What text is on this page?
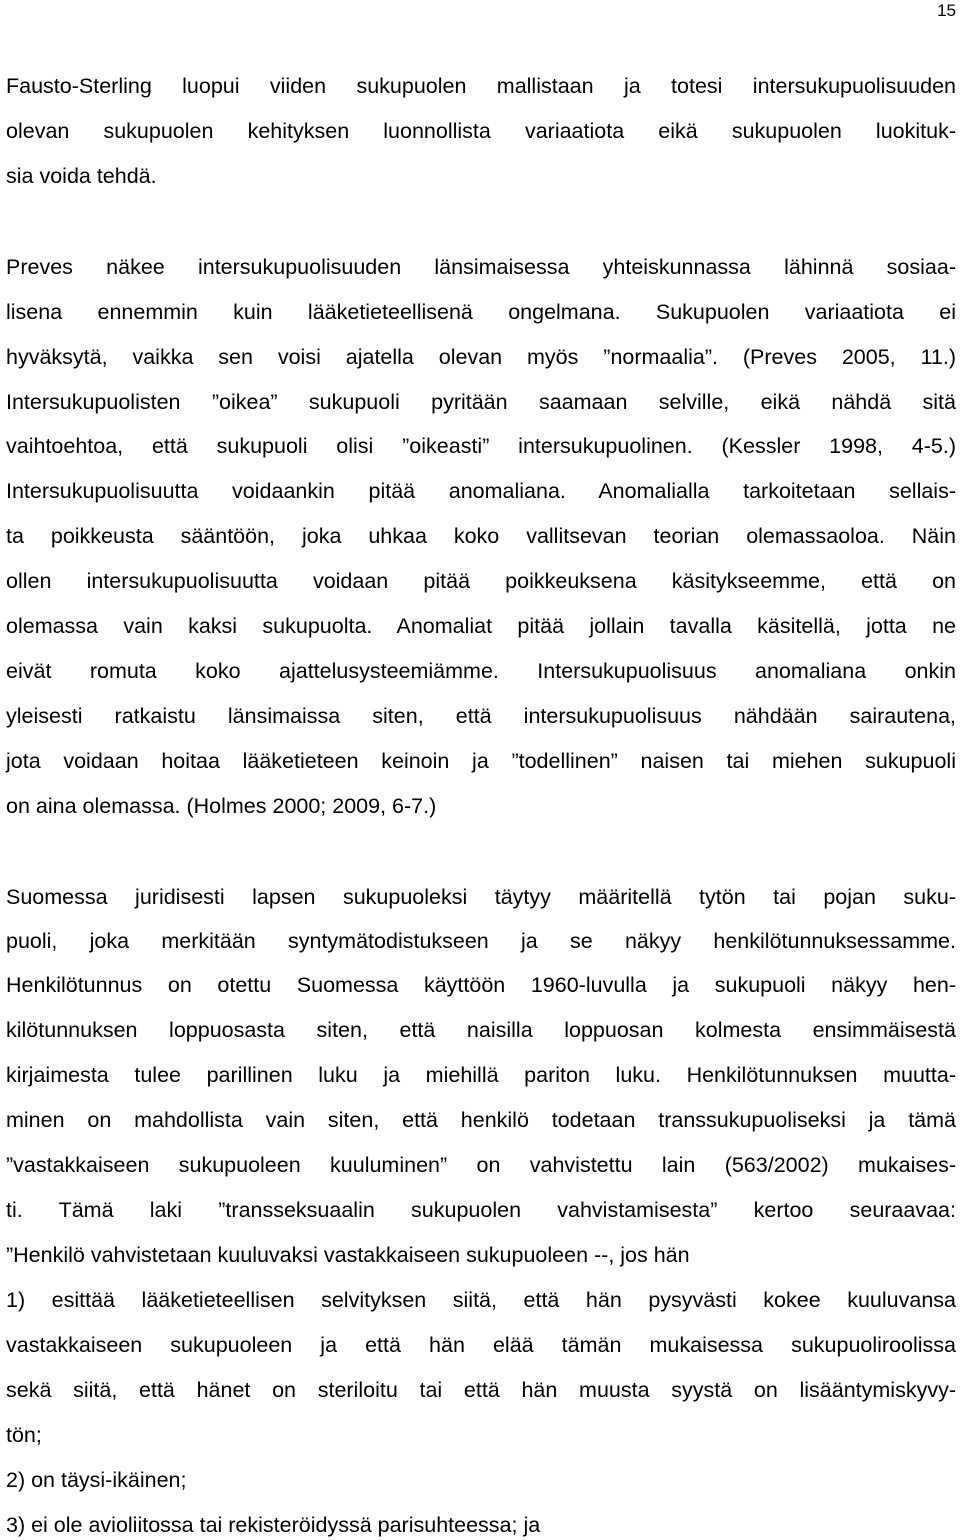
15
Fausto-Sterling luopui viiden sukupuolen mallistaan ja totesi intersukupuolisuuden
olevan sukupuolen kehityksen luonnollista variaatiota eikä sukupuolen luokituk-
sia voida tehdä.
Preves näkee intersukupuolisuuden länsimaisessa yhteiskunnassa lähinnä sosiaa-
lisena ennemmin kuin lääketieteellisenä ongelmana. Sukupuolen variaatiota ei
hyväksytä, vaikka sen voisi ajatella olevan myös ”normaalia”. (Preves 2005, 11.)
Intersukupuolisten ”oikea” sukupuoli pyritään saamaan selville, eikä nähdä sitä
vaihtoehtoa, että sukupuoli olisi ”oikeasti” intersukupuolinen. (Kessler 1998, 4-5.)
Intersukupuolisuutta voidaankin pitää anomaliana. Anomalialla tarkoitetaan sellais-
ta poikkeusta sääntöön, joka uhkaa koko vallitsevan teorian olemassaoloa. Näin
ollen intersukupuolisuutta voidaan pitää poikkeuksena käsitykseemme, että on
olemassa vain kaksi sukupuolta. Anomaliat pitää jollain tavalla käsitellä, jotta ne
eivät romuta koko ajattelusysteemiämme. Intersukupuolisuus anomaliana onkin
yleisesti ratkaistu länsimaissa siten, että intersukupuolisuus nähdään sairautena,
jota voidaan hoitaa lääketieteen keinoin ja ”todellinen” naisen tai miehen sukupuoli
on aina olemassa. (Holmes 2000; 2009, 6-7.)
Suomessa juridisesti lapsen sukupuoleksi täytyy määritellä tytön tai pojan suku-
puoli, joka merkitään syntymätodistukseen ja se näkyy henkilötunnuksessamme.
Henkilötunnus on otettu Suomessa käyttöön 1960-luvulla ja sukupuoli näkyy hen-
kilötunnuksen loppuosasta siten, että naisilla loppuosan kolmesta ensimmäisestä
kirjaimesta tulee parillinen luku ja miehillä pariton luku. Henkilötunnuksen muutta-
minen on mahdollista vain siten, että henkilö todetaan transsukupuoliseksi ja tämä
”vastakkaiseen sukupuoleen kuuluminen” on vahvistettu lain (563/2002) mukaises-
ti. Tämä laki ”transseksuaalin sukupuolen vahvistamisesta” kertoo seuraavaa:
”Henkilö vahvistetaan kuuluvaksi vastakkaiseen sukupuoleen --, jos hän
1) esittää lääketieteellisen selvityksen siitä, että hän pysyvästi kokee kuuluvansa
vastakkaiseen sukupuoleen ja että hän elää tämän mukaisessa sukupuoliroolissa
sekä siitä, että hänet on steriloitu tai että hän muusta syystä on lisääntymiskyvy-
tön;
2) on täysi-ikäinen;
3) ei ole avioliitossa tai rekisteröidyssä parisuhteessa; ja
